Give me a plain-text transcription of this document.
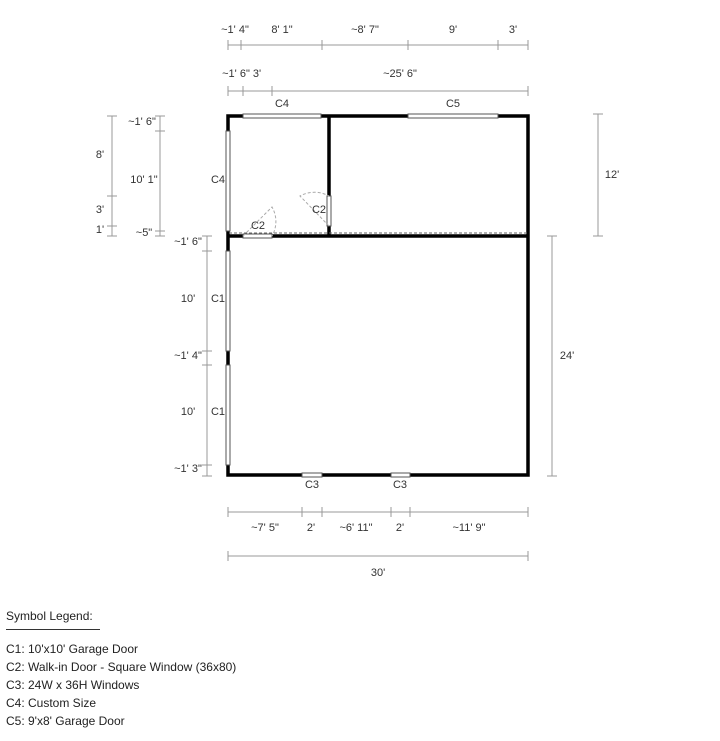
~1' 4" 8' 1"	~8' 7"	9'	3'
~1' 6" 3'	~25' 6"
8'
3'
1'
~1' 6"
10' 1"
~5"
~1' 6"
10'
~1' 4"
10'
~1' 3"
12'
24'
~7' 5"	2' ~6' 11" 2'	~11' 9"
30'
C4	C5
C4
C2
C2
C1
C1
C3	C3
Symbol Legend:
C1: 10'x10' Garage Door
C2: Walk-in Door - Square Window (36x80)
C3: 24W x 36H Windows
C4: Custom Size
C5: 9'x8' Garage Door
